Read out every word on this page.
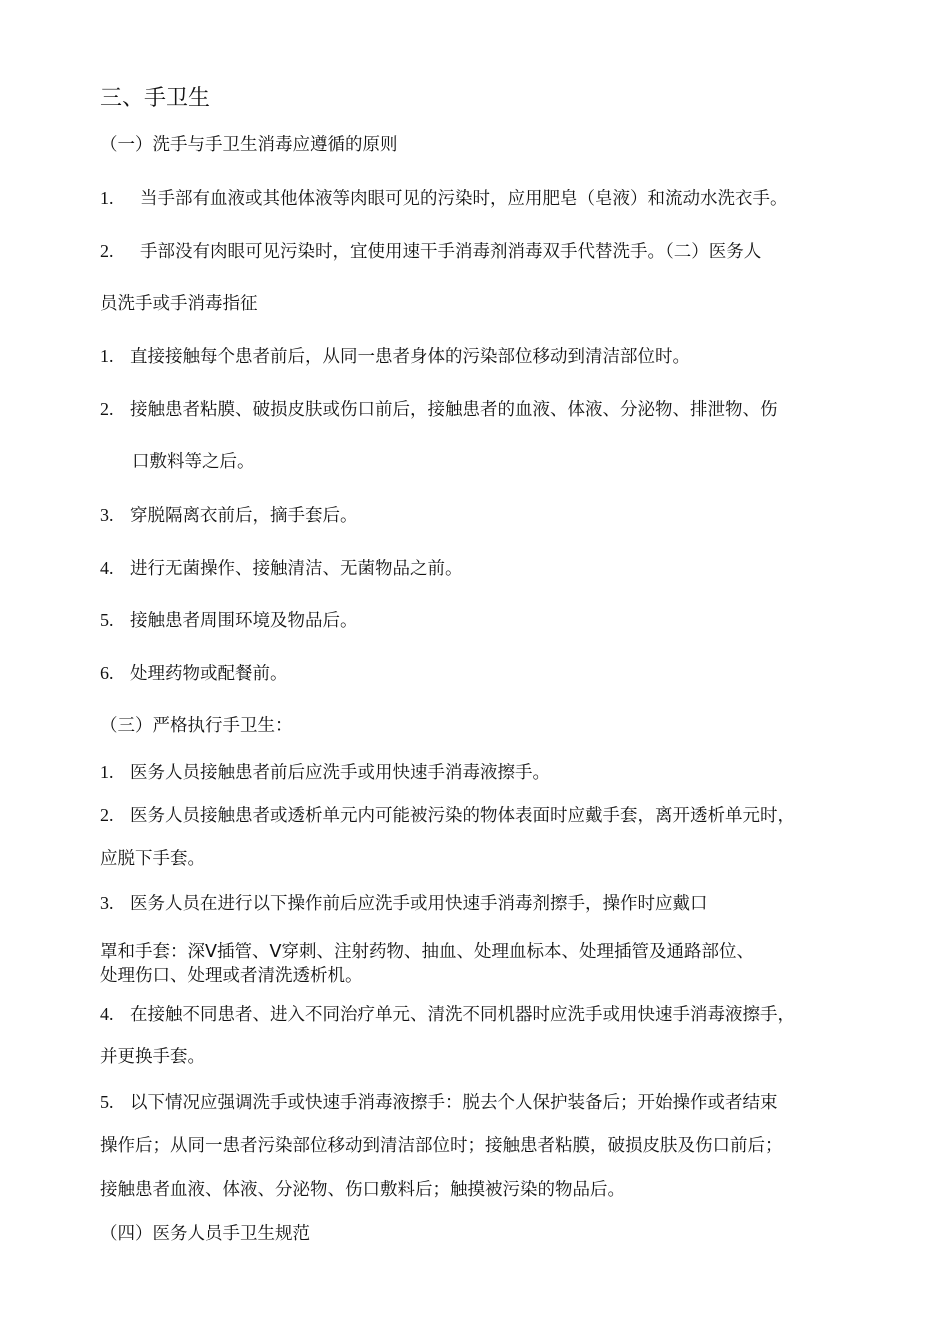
三、手卫生
（一）洗手与手卫生消毒应遵循的原则
1. 当手部有血液或其他体液等肉眼可见的污染时，应用肥皂（皂液）和流动水洗衣手。
2. 手部没有肉眼可见污染时，宜使用速干手消毒剂消毒双手代替洗手。（二）医务人
员洗手或手消毒指征
1. 直接接触每个患者前后，从同一患者身体的污染部位移动到清洁部位时。
2. 接触患者粘膜、破损皮肤或伤口前后，接触患者的血液、体液、分泌物、排泄物、伤
口敷料等之后。
3. 穿脱隔离衣前后，摘手套后。
4. 进行无菌操作、接触清洁、无菌物品之前。
5. 接触患者周围环境及物品后。
6. 处理药物或配餐前。
（三）严格执行手卫生：
1. 医务人员接触患者前后应洗手或用快速手消毒液擦手。
2. 医务人员接触患者或透析单元内可能被污染的物体表面时应戴手套，离开透析单元时，
应脱下手套。
3. 医务人员在进行以下操作前后应洗手或用快速手消毒剂擦手，操作时应戴口
罩和手套：深Ⅴ插管、Ⅴ穿刺、注射药物、抽血、处理血标本、处理插管及通路部位、
处理伤口、处理或者清洗透析机。
4. 在接触不同患者、进入不同治疗单元、清洗不同机器时应洗手或用快速手消毒液擦手，
并更换手套。
5. 以下情况应强调洗手或快速手消毒液擦手：脱去个人保护装备后；开始操作或者结束
操作后；从同一患者污染部位移动到清洁部位时；接触患者粘膜，破损皮肤及伤口前后；
接触患者血液、体液、分泌物、伤口敷料后；触摸被污染的物品后。
（四）医务人员手卫生规范
